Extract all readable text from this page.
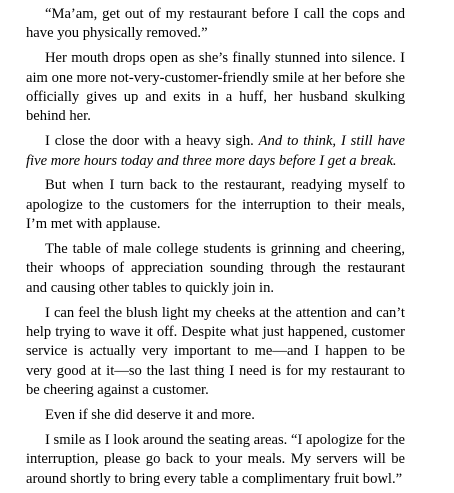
“Ma’am, get out of my restaurant before I call the cops and have you physically removed.”

Her mouth drops open as she’s finally stunned into silence. I aim one more not-very-customer-friendly smile at her before she officially gives up and exits in a huff, her husband skulking behind her.

I close the door with a heavy sigh. And to think, I still have five more hours today and three more days before I get a break.

But when I turn back to the restaurant, readying myself to apologize to the customers for the interruption to their meals, I’m met with applause.

The table of male college students is grinning and cheering, their whoops of appreciation sounding through the restaurant and causing other tables to quickly join in.

I can feel the blush light my cheeks at the attention and can’t help trying to wave it off. Despite what just happened, customer service is actually very important to me—and I happen to be very good at it—so the last thing I need is for my restaurant to be cheering against a customer.

Even if she did deserve it and more.

I smile as I look around the seating areas. “I apologize for the interruption, please go back to your meals. My servers will be around shortly to bring every table a complimentary fruit bowl.”
